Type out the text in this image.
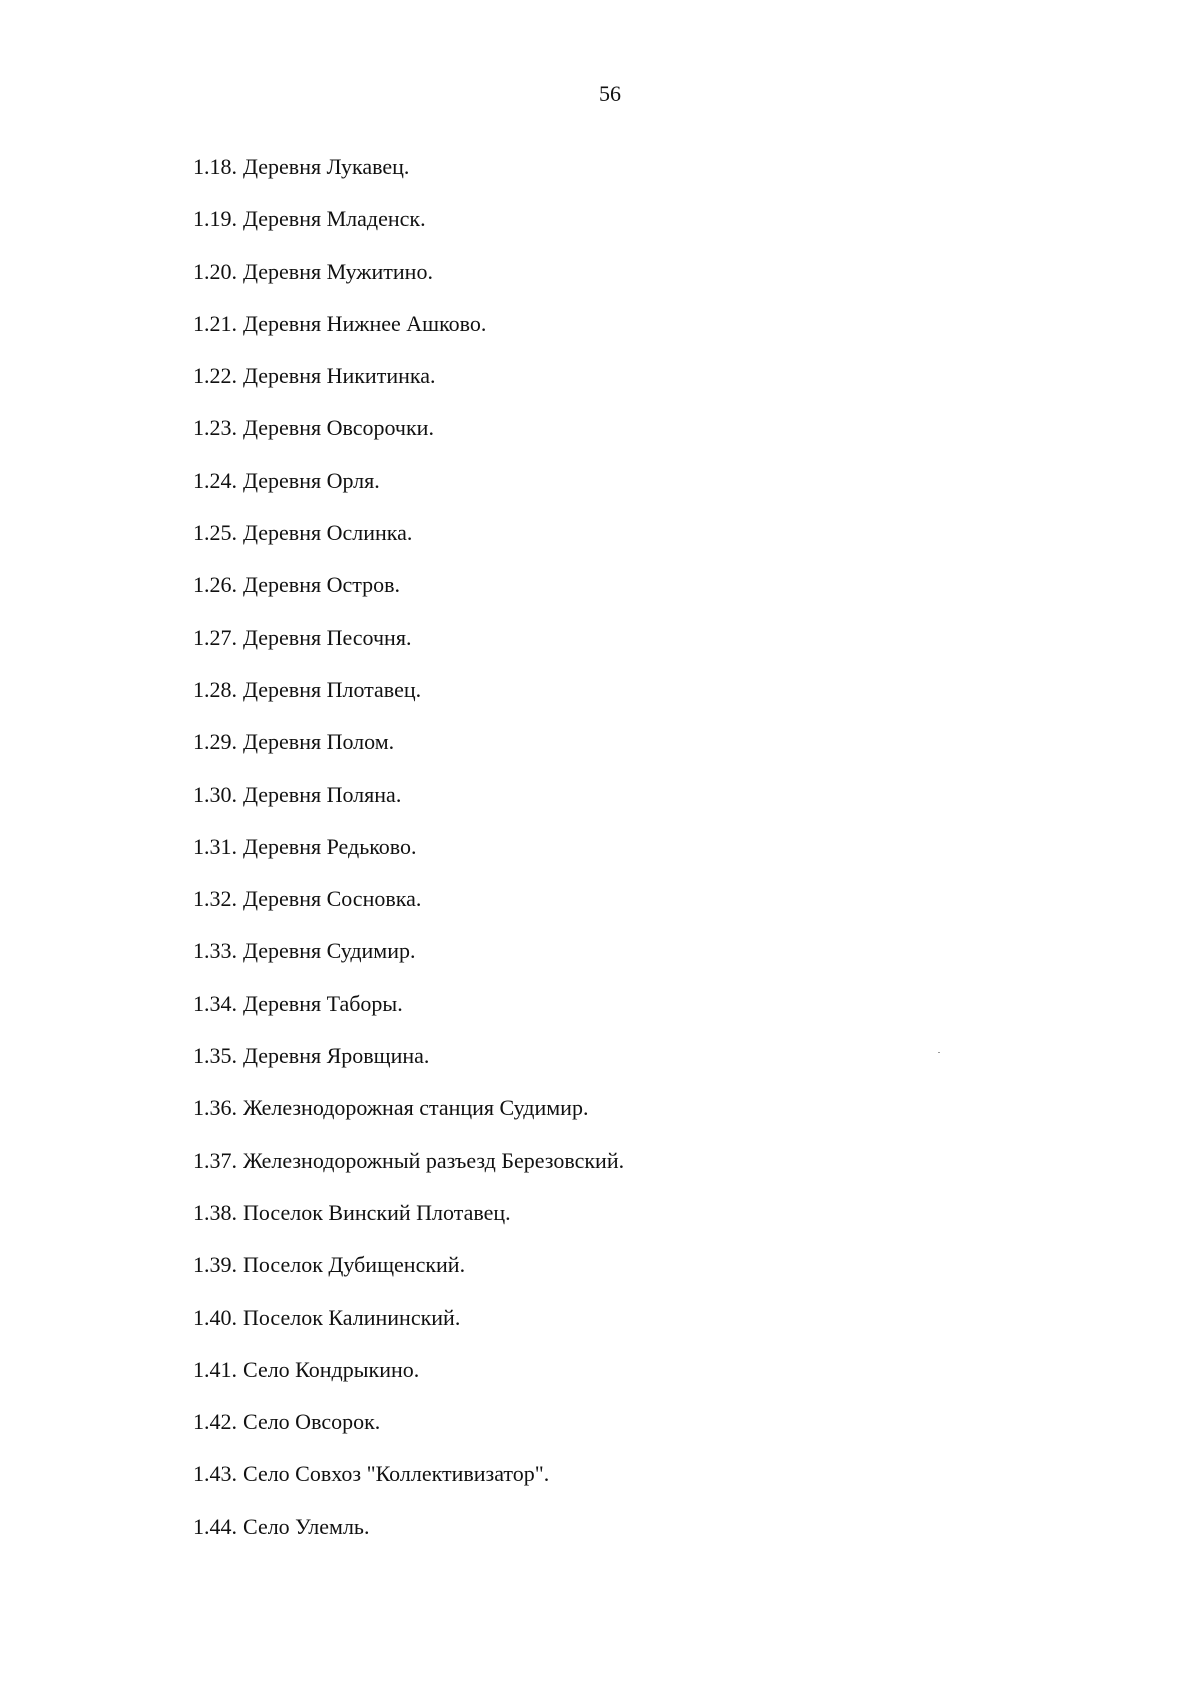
56
1.18. Деревня Лукавец.
1.19. Деревня Младенск.
1.20. Деревня Мужитино.
1.21. Деревня Нижнее Ашково.
1.22. Деревня Никитинка.
1.23. Деревня Овсорочки.
1.24. Деревня Орля.
1.25. Деревня Ослинка.
1.26. Деревня Остров.
1.27. Деревня Песочня.
1.28. Деревня Плотавец.
1.29. Деревня Полом.
1.30. Деревня Поляна.
1.31. Деревня Редьково.
1.32. Деревня Сосновка.
1.33. Деревня Судимир.
1.34. Деревня Таборы.
1.35. Деревня Яровщина.
1.36. Железнодорожная станция Судимир.
1.37. Железнодорожный разъезд Березовский.
1.38. Поселок Винский Плотавец.
1.39. Поселок Дубищенский.
1.40. Поселок Калининский.
1.41. Село Кондрыкино.
1.42. Село Овсорок.
1.43. Село Совхоз "Коллективизатор".
1.44. Село Улемль.
